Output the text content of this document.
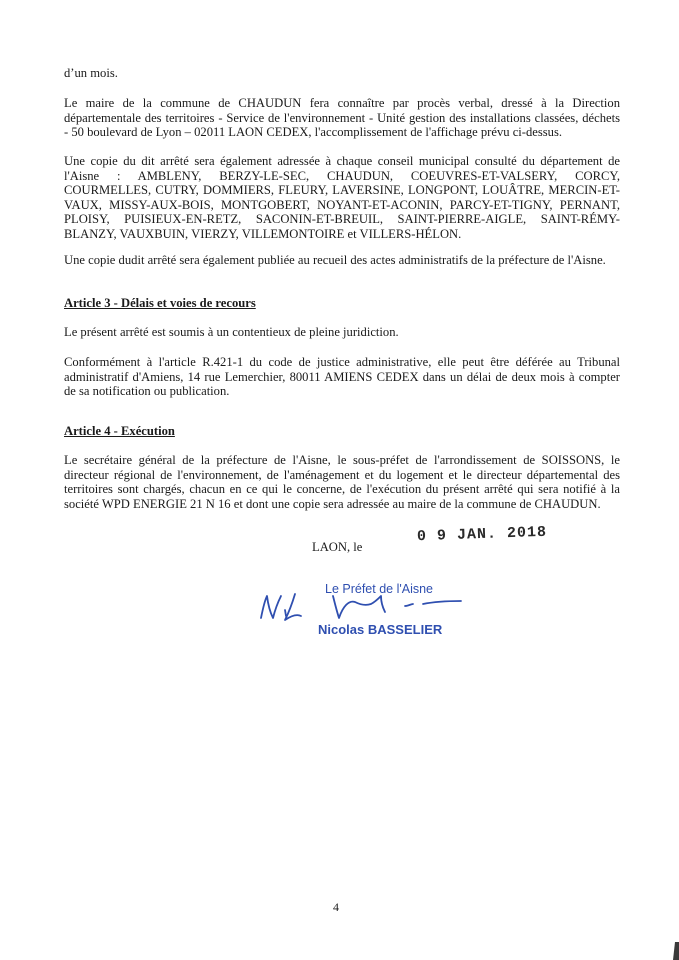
d’un mois.

Le maire de la commune de CHAUDUN fera connaître par procès verbal, dressé à la Direction
départementale des territoires - Service de l'environnement - Unité gestion des installations classées, déchets
- 50 boulevard de Lyon – 02011 LAON CEDEX, l'accomplissement de l'affichage prévu ci-dessus.

Une copie du dit arrêté sera également adressée à chaque conseil municipal consulté du département de
l'Aisne : AMBLENY, BERZY-LE-SEC, CHAUDUN, COEUVRES-ET-VALSERY, CORCY,
COURMELLES, CUTRY, DOMMIERS, FLEURY, LAVERSINE, LONGPONT, LOUÂTRE, MERCIN-ET-
VAUX, MISSY-AUX-BOIS, MONTGOBERT, NOYANT-ET-ACONIN, PARCY-ET-TIGNY, PERNANT,
PLOISY, PUISIEUX-EN-RETZ, SACONIN-ET-BREUIL, SAINT-PIERRE-AIGLE, SAINT-RÉMY-
BLANZY, VAUXBUIN, VIERZY, VILLEMONTOIRE et VILLERS-HÉLON.

Une copie dudit arrêté sera également publiée au recueil des actes administratifs de la préfecture de l'Aisne.

Article 3 - Délais et voies de recours

Le présent arrêté est soumis à un contentieux de pleine juridiction.

Conformément à l'article R.421-1 du code de justice administrative, elle peut être déférée au Tribunal
administratif d'Amiens, 14 rue Lemerchier, 80011 AMIENS CEDEX dans un délai de deux mois à compter
de sa notification ou publication.

Article 4 - Exécution

Le secrétaire général de la préfecture de l'Aisne, le sous-préfet de l'arrondissement de SOISSONS, le
directeur régional de l'environnement, de l'aménagement et du logement et le directeur départemental des
territoires sont chargés, chacun en ce qui le concerne, de l'exécution du présent arrêté qui sera notifié à la
société WPD ENERGIE 21 N 16 et dont une copie sera adressée au maire de la commune de CHAUDUN.

LAON, le
0 9 JAN. 2018
Le Préfet de l'Aisne
Nicolas BASSELIER
4
